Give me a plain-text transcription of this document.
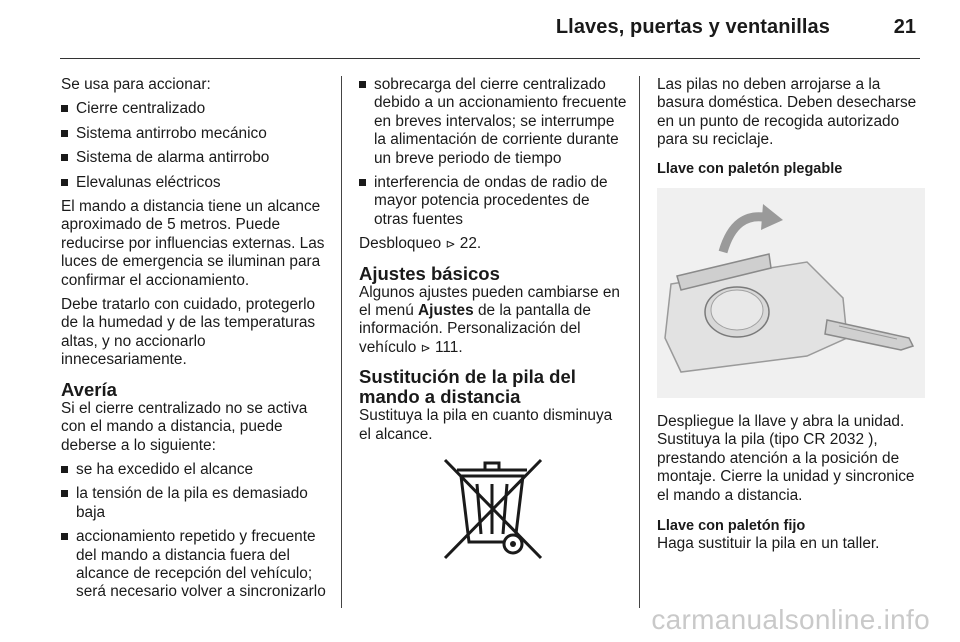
Llaves, puertas y ventanillas	21

Se usa para accionar:

Cierre centralizado
Sistema antirrobo mecánico
Sistema de alarma antirrobo
Elevalunas eléctricos

El mando a distancia tiene un alcance aproximado de 5 metros. Puede reducirse por influencias externas. Las luces de emergencia se iluminan para confirmar el accionamiento.

Debe tratarlo con cuidado, protegerlo de la humedad y de las temperaturas altas, y no accionarlo innecesariamente.

Avería

Si el cierre centralizado no se activa con el mando a distancia, puede deberse a lo siguiente:

se ha excedido el alcance
la tensión de la pila es demasiado baja
accionamiento repetido y frecuente del mando a distancia fuera del alcance de recepción del vehículo; será necesario volver a sincronizarlo
sobrecarga del cierre centralizado debido a un accionamiento frecuente en breves intervalos; se interrumpe la alimentación de corriente durante un breve periodo de tiempo
interferencia de ondas de radio de mayor potencia procedentes de otras fuentes

Desbloqueo ⊳ 22.

Ajustes básicos

Algunos ajustes pueden cambiarse en el menú Ajustes de la pantalla de información. Personalización del vehículo ⊳ 111.

Sustitución de la pila del mando a distancia

Sustituya la pila en cuanto disminuya el alcance.

Las pilas no deben arrojarse a la basura doméstica. Deben desecharse en un punto de recogida autorizado para su reciclaje.

Llave con paletón plegable

Despliegue la llave y abra la unidad. Sustituya la pila (tipo CR 2032 ), prestando atención a la posición de montaje. Cierre la unidad y sincronice el mando a distancia.

Llave con paletón fijo

Haga sustituir la pila en un taller.

carmanualsonline.info
